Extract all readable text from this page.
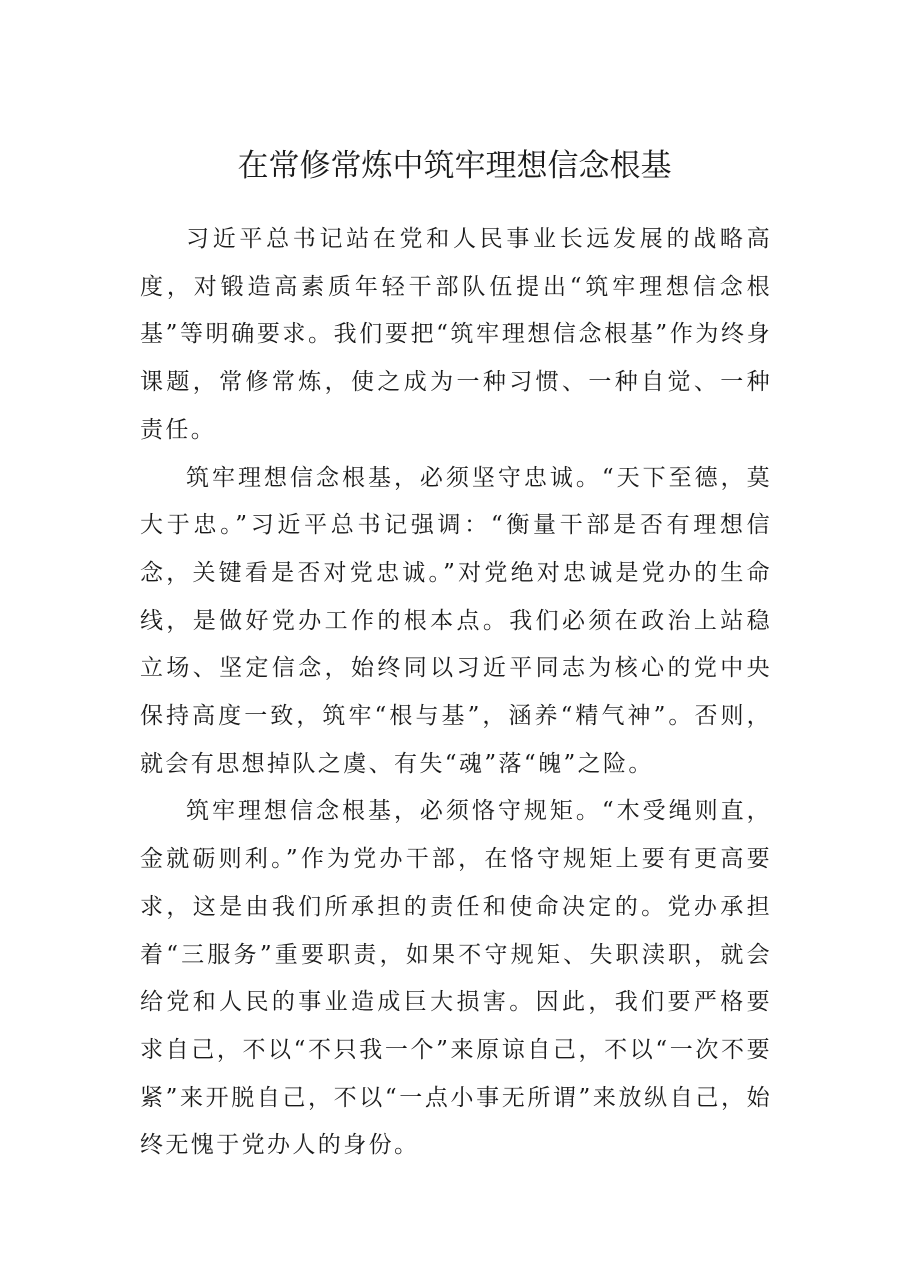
在常修常炼中筑牢理想信念根基

习近平总书记站在党和人民事业长远发展的战略高度，对锻造高素质年轻干部队伍提出“筑牢理想信念根基”等明确要求。我们要把“筑牢理想信念根基”作为终身课题，常修常炼，使之成为一种习惯、一种自觉、一种责任。

筑牢理想信念根基，必须坚守忠诚。“天下至德，莫大于忠。”习近平总书记强调：“衡量干部是否有理想信念，关键看是否对党忠诚。”对党绝对忠诚是党办的生命线，是做好党办工作的根本点。我们必须在政治上站稳立场、坚定信念，始终同以习近平同志为核心的党中央保持高度一致，筑牢“根与基”，涵养“精气神”。否则，就会有思想掉队之虞、有失“魂”落“魄”之险。

筑牢理想信念根基，必须恪守规矩。“木受绳则直，金就砺则利。”作为党办干部，在恪守规矩上要有更高要求，这是由我们所承担的责任和使命决定的。党办承担着“三服务”重要职责，如果不守规矩、失职渎职，就会给党和人民的事业造成巨大损害。因此，我们要严格要求自己，不以“不只我一个”来原谅自己，不以“一次不要紧”来开脱自己，不以“一点小事无所谓”来放纵自己，始终无愧于党办人的身份。
